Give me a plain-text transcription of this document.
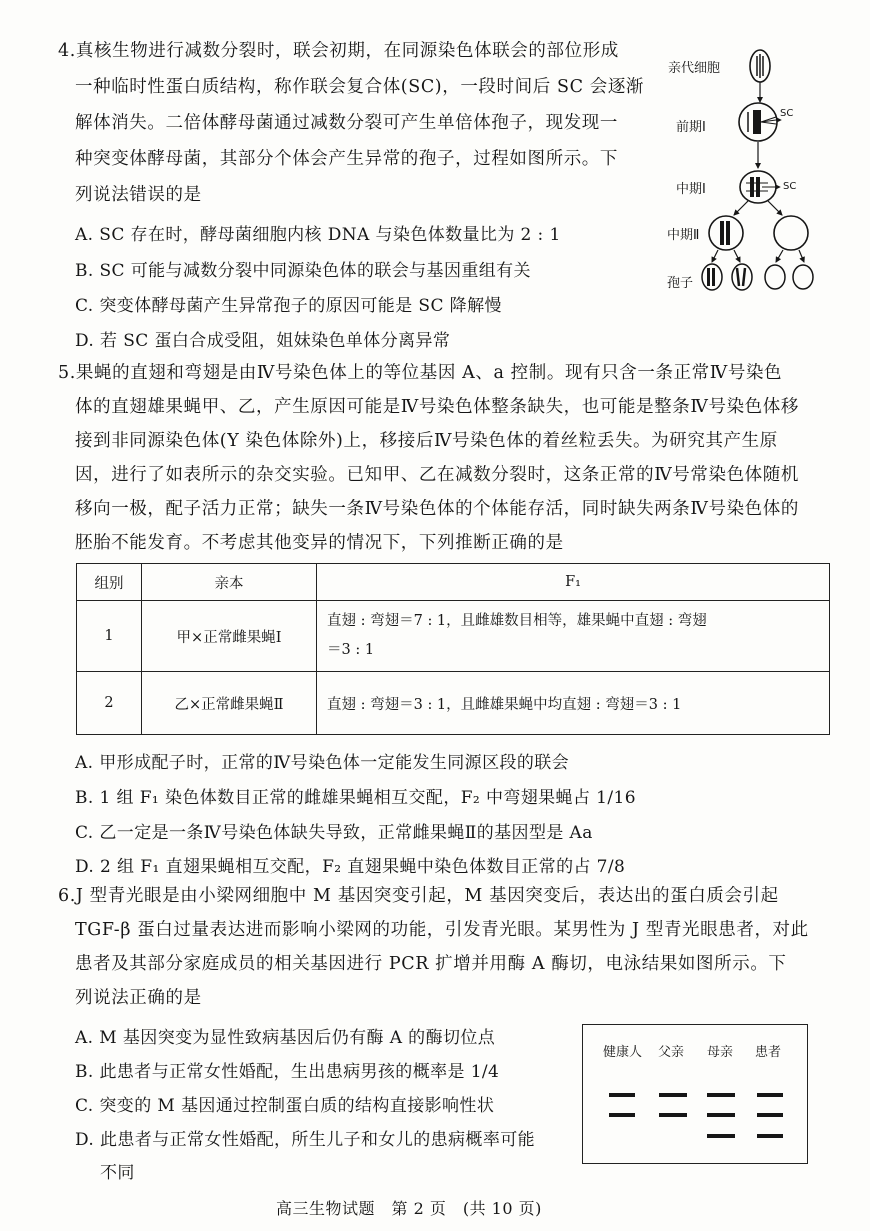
4.真核生物进行减数分裂时，联会初期，在同源染色体联会的部位形成
一种临时性蛋白质结构，称作联会复合体(SC)，一段时间后 SC 会逐渐
解体消失。二倍体酵母菌通过减数分裂可产生单倍体孢子，现发现一
种突变体酵母菌，其部分个体会产生异常的孢子，过程如图所示。下
列说法错误的是
A. SC 存在时，酵母菌细胞内核 DNA 与染色体数量比为 2 : 1
B. SC 可能与减数分裂中同源染色体的联会与基因重组有关
C. 突变体酵母菌产生异常孢子的原因可能是 SC 降解慢
D. 若 SC 蛋白合成受阻，姐妹染色单体分离异常
亲代细胞
前期Ⅰ
中期Ⅰ
中期Ⅱ
孢子
SC
SC
5.果蝇的直翅和弯翅是由Ⅳ号染色体上的等位基因 A、a 控制。现有只含一条正常Ⅳ号染色
体的直翅雄果蝇甲、乙，产生原因可能是Ⅳ号染色体整条缺失，也可能是整条Ⅳ号染色体移
接到非同源染色体(Y 染色体除外)上，移接后Ⅳ号染色体的着丝粒丢失。为研究其产生原
因，进行了如表所示的杂交实验。已知甲、乙在减数分裂时，这条正常的Ⅳ号常染色体随机
移向一极，配子活力正常；缺失一条Ⅳ号染色体的个体能存活，同时缺失两条Ⅳ号染色体的
胚胎不能发育。不考虑其他变异的情况下，下列推断正确的是
组别	亲本	F₁
1	甲×正常雌果蝇Ⅰ	直翅 : 弯翅＝7 : 1，且雌雄数目相等，雄果蝇中直翅 : 弯翅
＝3 : 1

2	乙×正常雌果蝇Ⅱ	直翅 : 弯翅＝3 : 1，且雌雄果蝇中均直翅 : 弯翅＝3 : 1
A. 甲形成配子时，正常的Ⅳ号染色体一定能发生同源区段的联会
B. 1 组 F₁ 染色体数目正常的雌雄果蝇相互交配，F₂ 中弯翅果蝇占 1/16
C. 乙一定是一条Ⅳ号染色体缺失导致，正常雌果蝇Ⅱ的基因型是 Aa
D. 2 组 F₁ 直翅果蝇相互交配，F₂ 直翅果蝇中染色体数目正常的占 7/8
6.J 型青光眼是由小梁网细胞中 M 基因突变引起，M 基因突变后，表达出的蛋白质会引起
TGF-β 蛋白过量表达进而影响小梁网的功能，引发青光眼。某男性为 J 型青光眼患者，对此
患者及其部分家庭成员的相关基因进行 PCR 扩增并用酶 A 酶切，电泳结果如图所示。下
列说法正确的是
A. M 基因突变为显性致病基因后仍有酶 A 的酶切位点
B. 此患者与正常女性婚配，生出患病男孩的概率是 1/4
C. 突变的 M 基因通过控制蛋白质的结构直接影响性状
D. 此患者与正常女性婚配，所生儿子和女儿的患病概率可能
不同
健康人 父亲 母亲 患者
高三生物试题　第 2 页　(共 10 页)
